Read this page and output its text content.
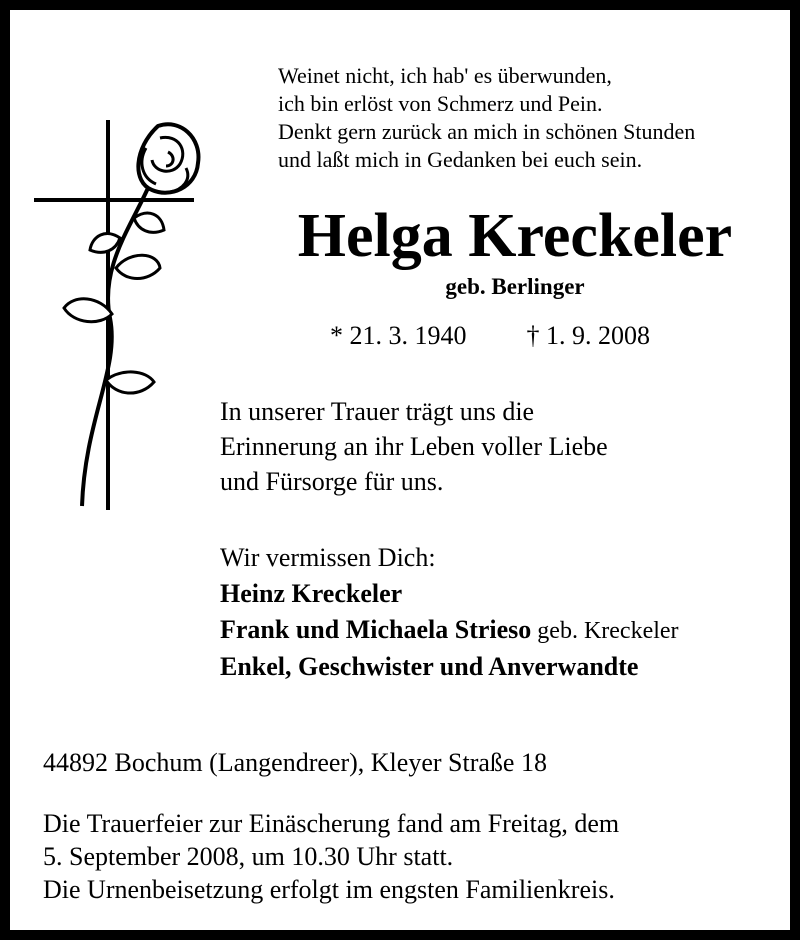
Weinet nicht, ich hab' es überwunden,
ich bin erlöst von Schmerz und Pein.
Denkt gern zurück an mich in schönen Stunden
und laßt mich in Gedanken bei euch sein.
Helga Kreckeler
geb. Berlinger
* 21. 3. 1940 † 1. 9. 2008
In unserer Trauer trägt uns die
Erinnerung an ihr Leben voller Liebe
und Fürsorge für uns.
Wir vermissen Dich:
Heinz Kreckeler
Frank und Michaela Strieso geb. Kreckeler
Enkel, Geschwister und Anverwandte
44892 Bochum (Langendreer), Kleyer Straße 18
Die Trauerfeier zur Einäscherung fand am Freitag, dem
5. September 2008, um 10.30 Uhr statt.
Die Urnenbeisetzung erfolgt im engsten Familienkreis.
